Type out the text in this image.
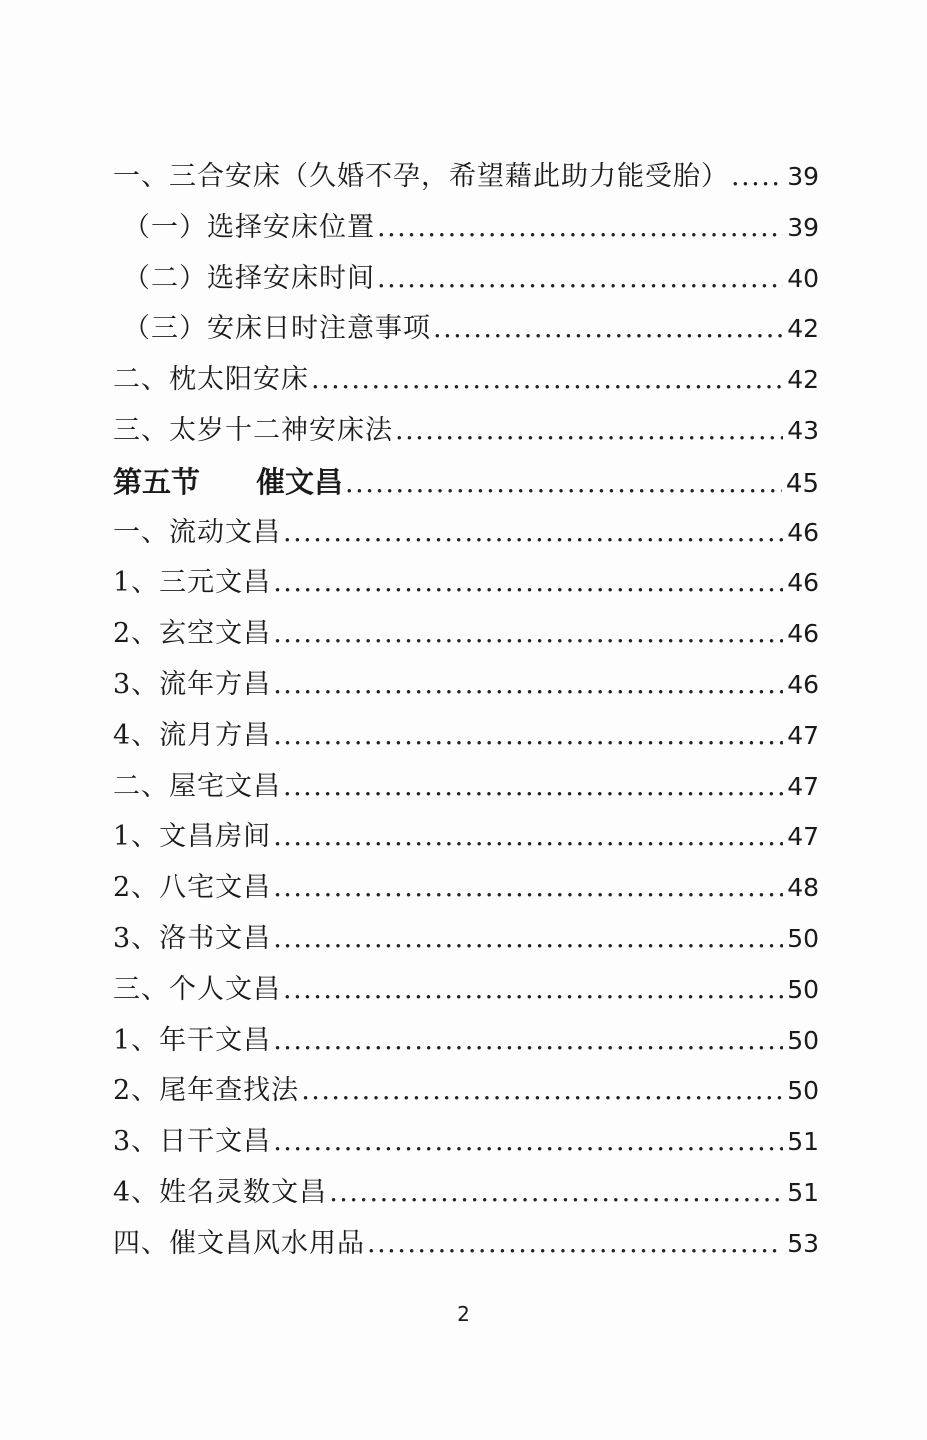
一、三合安床（久婚不孕，希望藉此助力能受胎） ..... 39
（一）选择安床位置 .....	39
（二）选择安床时间 .....	40
（三）安床日时注意事项 .....	42
二、枕太阳安床 .....	42
三、太岁十二神安床法 .....	43
第五节 催文昌 .....	45
一、流动文昌 .....	46
1、三元文昌 .....	46
2、玄空文昌 .....	46
3、流年方昌 .....	46
4、流月方昌 .....	47
二、屋宅文昌 .....	47
1、文昌房间 .....	47
2、八宅文昌 .....	48
3、洛书文昌 .....	50
三、个人文昌 .....	50
1、年干文昌 .....	50
2、尾年查找法 .....	50
3、日干文昌 .....	51
4、姓名灵数文昌 .....	51
四、催文昌风水用品 .....	53
2
